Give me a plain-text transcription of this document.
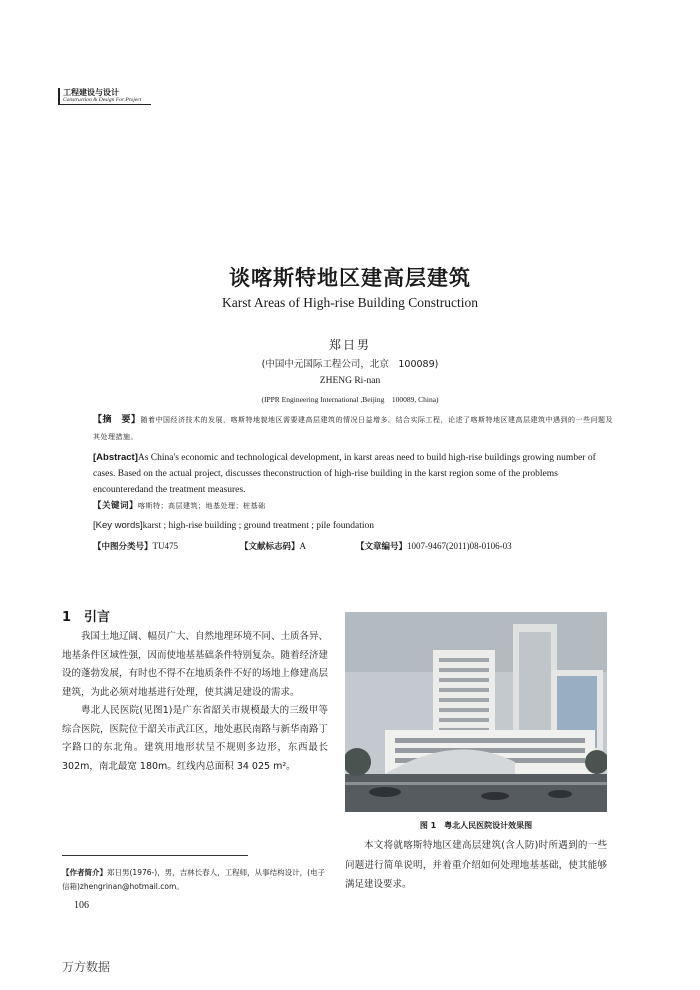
工程建设与设计
Construction & Design For Project
谈喀斯特地区建高层建筑
Karst Areas of High-rise Building Construction
郑日男
(中国中元国际工程公司，北京　100089)
ZHENG Ri-nan
(IPPR Engineering International ,Beijing　100089, China)
【摘　要】随着中国经济技术的发展，喀斯特地貌地区需要建高层建筑的情况日益增多。结合实际工程，论述了喀斯特地区建高层建筑中遇到的一些问题及其处理措施。
[Abstract]As China's economic and technological development, in karst areas need to build high-rise buildings growing number of cases. Based on the actual project, discusses theconstruction of high-rise building in the karst region some of the problems encounteredand the treatment measures.
【关键词】喀斯特；高层建筑；地基处理；桩基础
[Key words]karst ; high-rise building ; ground treatment ; pile foundation
【中图分类号】TU475	【文献标志码】A	【文章编号】1007-9467(2011)08-0106-03
1　引言

我国土地辽阔、幅员广大、自然地理环境不同、土质各异、地基条件区域性强，因而使地基基础条件特别复杂。随着经济建设的蓬勃发展，有时也不得不在地质条件不好的场地上修建高层建筑，为此必须对地基进行处理，使其满足建设的需求。

粤北人民医院(见图1)是广东省韶关市规模最大的三级甲等综合医院，医院位于韶关市武江区，地处惠民南路与新华南路丁字路口的东北角。建筑用地形状呈不规则多边形，东西最长 302m，南北最宽 180m。红线内总面积 34 025 m²。

图 1　粤北人民医院设计效果图

本文将就喀斯特地区建高层建筑(含人防)时所遇到的一些问题进行简单说明，并着重介绍如何处理地基基础，使其能够满足建设要求。

【作者简介】郑日男(1976-)，男，吉林长春人，工程师，从事结构设计，(电子信箱)zhengrinan@hotmail.com。
106
万方数据
